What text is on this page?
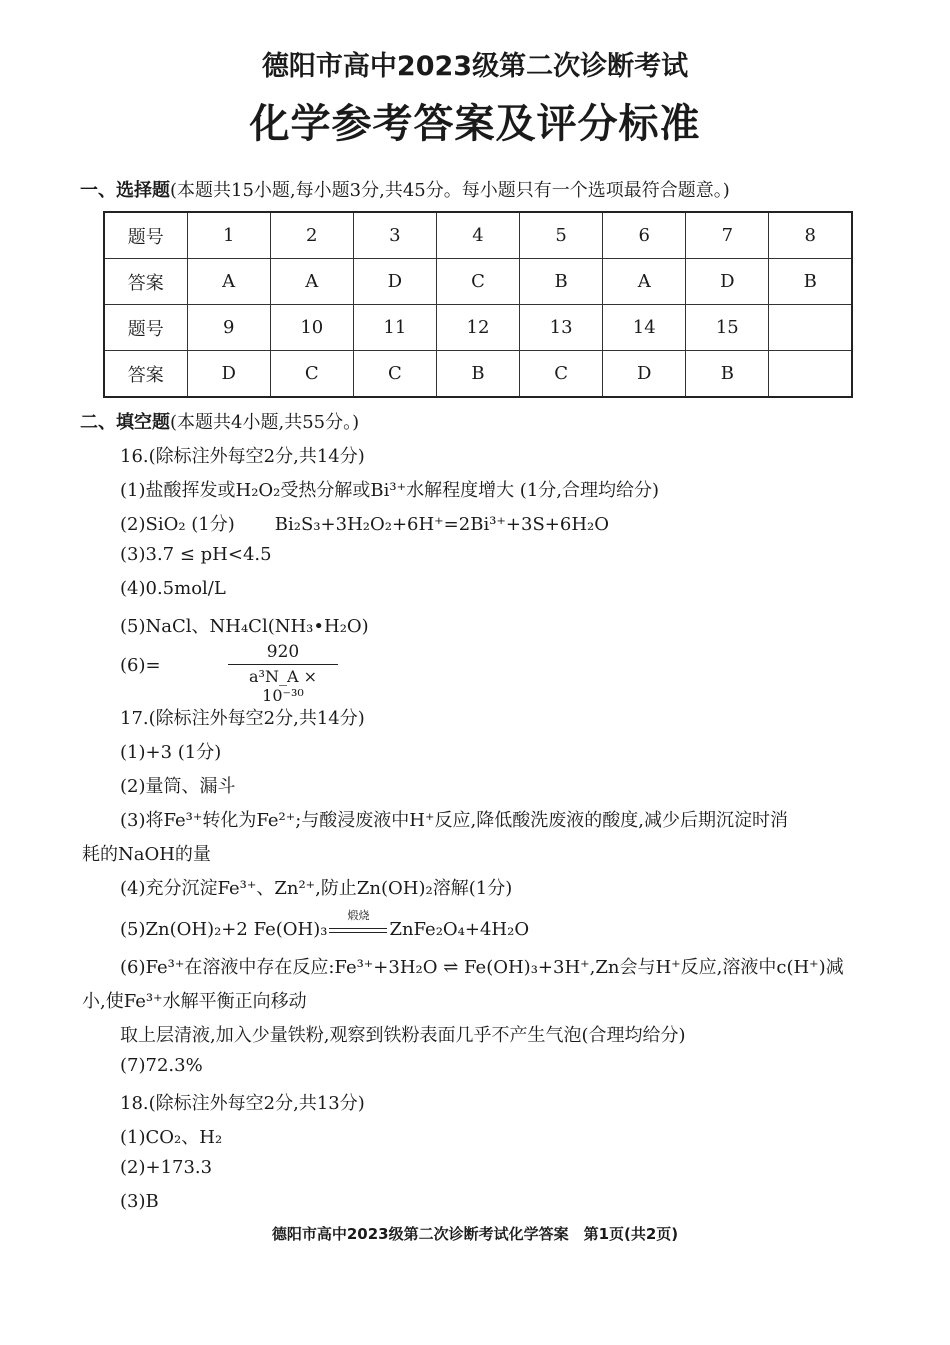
德阳市高中2023级第二次诊断考试
化学参考答案及评分标准
一、选择题(本题共15小题,每小题3分,共45分。每小题只有一个选项最符合题意。)
题号	1	2	3	4	5	6	7	8
答案	A	A	D	C	B	A	D	B
题号	9	10	11	12	13	14	15	
答案	D	C	C	B	C	D	B	
二、填空题(本题共4小题,共55分。)
16.(除标注外每空2分,共14分)
(1)盐酸挥发或H₂O₂受热分解或Bi³⁺水解程度增大 (1分,合理均给分)
(2)SiO₂ (1分) Bi₂S₃+3H₂O₂+6H⁺=2Bi³⁺+3S+6H₂O
(3)3.7 ≤ pH<4.5
(4)0.5mol/L
(5)NaCl、NH₄Cl(NH₃•H₂O)
(6)=	$\frac{920}{\text{a³N\_A × 10⁻³⁰}}$
17.(除标注外每空2分,共14分)
(1)+3 (1分)
(2)量筒、漏斗
(3)将Fe³⁺转化为Fe²⁺;与酸浸废液中H⁺反应,降低酸洗废液的酸度,减少后期沉淀时消
耗的NaOH的量
(4)充分沉淀Fe³⁺、Zn²⁺,防止Zn(OH)₂溶解(1分)
(5)Zn(OH)₂+2 Fe(OH)₃
煅烧
ZnFe₂O₄+4H₂O
(6)Fe³⁺在溶液中存在反应:Fe³⁺+3H₂O ⇌ Fe(OH)₃+3H⁺,Zn会与H⁺反应,溶液中c(H⁺)减
小,使Fe³⁺水解平衡正向移动
取上层清液,加入少量铁粉,观察到铁粉表面几乎不产生气泡(合理均给分)
(7)72.3%
18.(除标注外每空2分,共13分)
(1)CO₂、H₂
(2)+173.3
(3)B
德阳市高中2023级第二次诊断考试化学答案　第1页(共2页)
